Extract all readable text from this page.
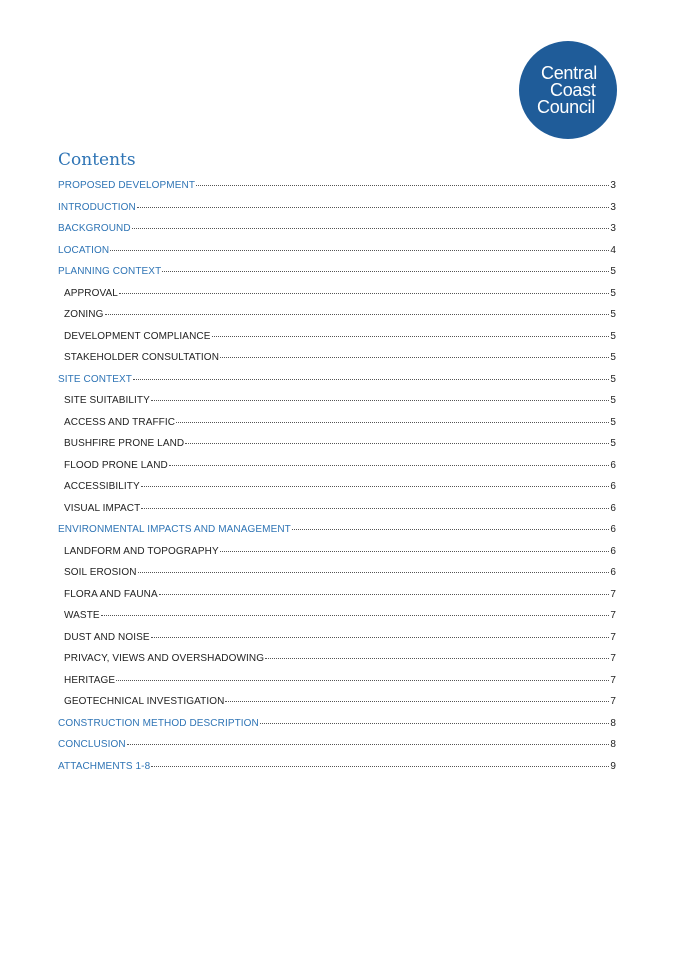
Central
Coast
Council
Contents
PROPOSED DEVELOPMENT	3
INTRODUCTION	3
BACKGROUND	3
LOCATION	4
PLANNING CONTEXT	5
APPROVAL	5
ZONING	5
DEVELOPMENT COMPLIANCE	5
STAKEHOLDER CONSULTATION	5
SITE CONTEXT	5
SITE SUITABILITY	5
ACCESS AND TRAFFIC	5
BUSHFIRE PRONE LAND	5
FLOOD PRONE LAND	6
ACCESSIBILITY	6
VISUAL IMPACT	6
ENVIRONMENTAL IMPACTS AND MANAGEMENT	6
LANDFORM AND TOPOGRAPHY	6
SOIL EROSION	6
FLORA AND FAUNA	7
WASTE	7
DUST AND NOISE	7
PRIVACY, VIEWS AND OVERSHADOWING	7
HERITAGE	7
GEOTECHNICAL INVESTIGATION	7
CONSTRUCTION METHOD DESCRIPTION	8
CONCLUSION	8
ATTACHMENTS 1-8	9
